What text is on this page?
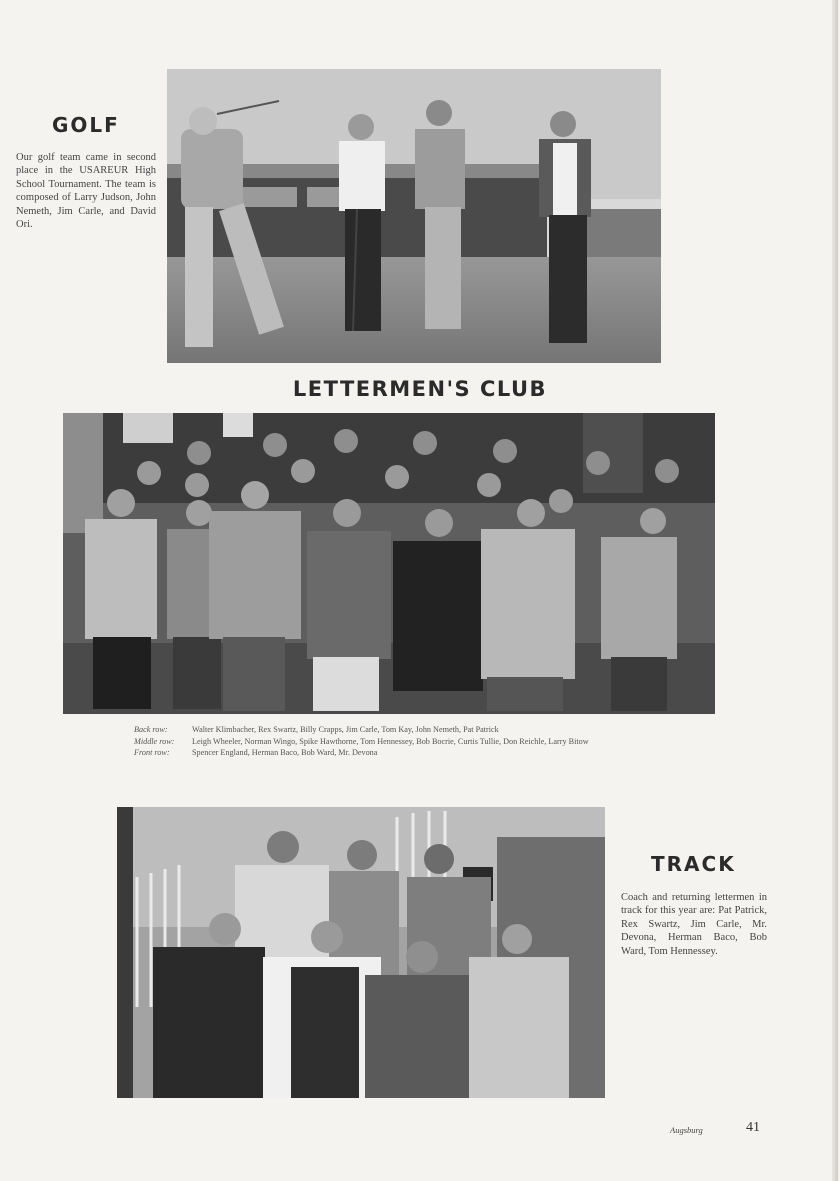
GOLF
Our golf team came in second place in the USAREUR High School Tournament. The team is composed of Larry Judson, John Nemeth, Jim Carle, and David Ori.
LETTERMEN'S CLUB
Back row:	Walter Klimbacher, Rex Swartz, Billy Crapps, Jim Carle, Tom Kay, John Nemeth, Pat Patrick
Middle row:	Leigh Wheeler, Norman Wingo, Spike Hawthorne, Tom Hennessey, Bob Bocrie, Curtis Tullie, Don Reichle, Larry Bitow
Front row:	Spencer England, Herman Baco, Bob Ward, Mr. Devona
TRACK
Coach and returning lettermen in track for this year are: Pat Patrick, Rex Swartz, Jim Carle, Mr. Devona, Herman Baco, Bob Ward, Tom Hennessey.
Augsburg	41
